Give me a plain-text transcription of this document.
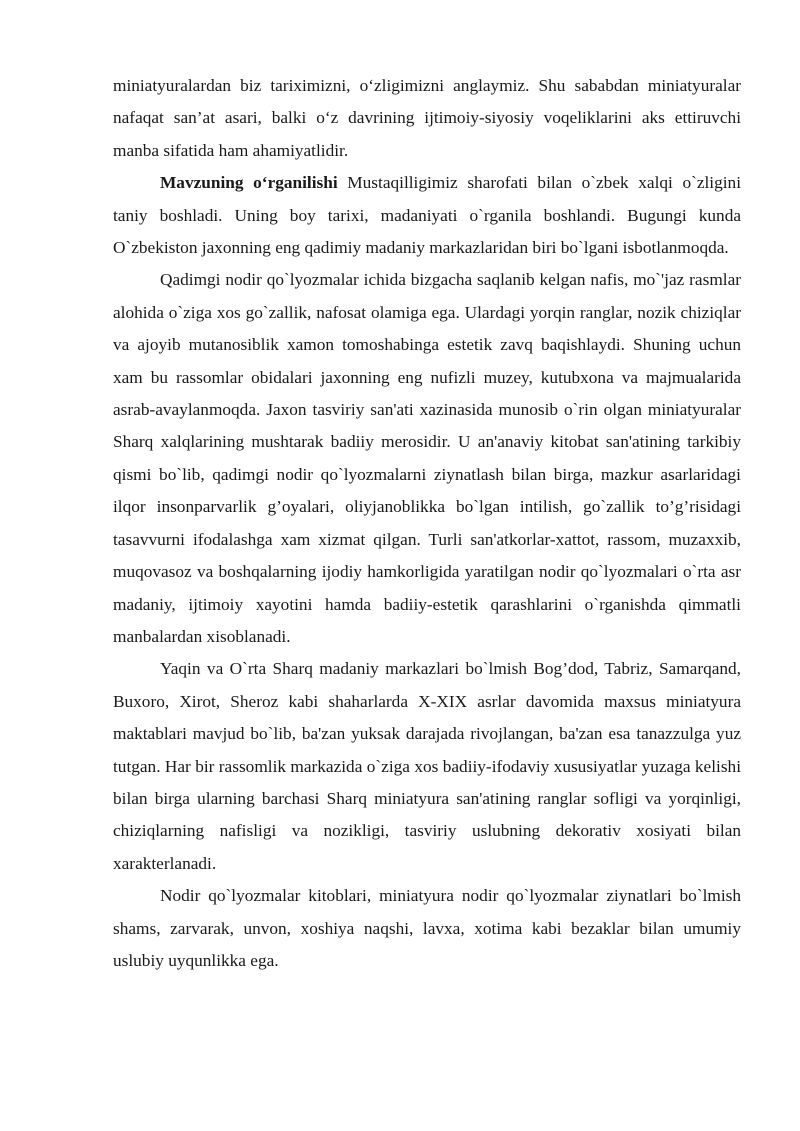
miniatyuralardan biz tariximizni, o‘zligimizni anglaymiz. Shu sababdan miniatyuralar nafaqat san’at asari, balki o‘z davrining ijtimoiy-siyosiy voqeliklarini aks ettiruvchi manba sifatida ham ahamiyatlidir.

Mavzuning o‘rganilishi Mustaqilligimiz sharofati bilan o`zbek xalqi o`zligini taniy boshladi. Uning boy tarixi, madaniyati o`rganila boshlandi. Bugungi kunda O`zbekiston jaxonning eng qadimiy madaniy markazlaridan biri bo`lgani isbotlanmoqda.

Qadimgi nodir qo`lyozmalar ichida bizgacha saqlanib kelgan nafis, mo`'jaz rasmlar alohida o`ziga xos go`zallik, nafosat olamiga ega. Ulardagi yorqin ranglar, nozik chiziqlar va ajoyib mutanosiblik xamon tomoshabinga estetik zavq baqishlaydi. Shuning uchun xam bu rassomlar obidalari jaxonning eng nufizli muzey, kutubxona va majmualarida asrab-avaylanmoqda. Jaxon tasviriy san'ati xazinasida munosib o`rin olgan miniatyuralar Sharq xalqlarining mushtarak badiiy merosidir. U an'anaviy kitobat san'atining tarkibiy qismi bo`lib, qadimgi nodir qo`lyozmalarni ziynatlash bilan birga, mazkur asarlaridagi ilqor insonparvarlik g’oyalari, oliyjanoblikka bo`lgan intilish, go`zallik to’g’risidagi tasavvurni ifodalashga xam xizmat qilgan. Turli san'atkorlar-xattot, rassom, muzaxxib, muqovasoz va boshqalarning ijodiy hamkorligida yaratilgan nodir qo`lyozmalari o`rta asr madaniy, ijtimoiy xayotini hamda badiiy-estetik qarashlarini o`rganishda qimmatli manbalardan xisoblanadi.

Yaqin va O`rta Sharq madaniy markazlari bo`lmish Bog’dod, Tabriz, Samarqand, Buxoro, Xirot, Sheroz kabi shaharlarda X-XIX asrlar davomida maxsus miniatyura maktablari mavjud bo`lib, ba'zan yuksak darajada rivojlangan, ba'zan esa tanazzulga yuz tutgan. Har bir rassomlik markazida o`ziga xos badiiy-ifodaviy xususiyatlar yuzaga kelishi bilan birga ularning barchasi Sharq miniatyura san'atining ranglar sofligi va yorqinligi, chiziqlarning nafisligi va nozikligi, tasviriy uslubning dekorativ xosiyati bilan xarakterlanadi.

Nodir qo`lyozmalar kitoblari, miniatyura nodir qo`lyozmalar ziynatlari bo`lmish shams, zarvarak, unvon, xoshiya naqshi, lavxa, xotima kabi bezaklar bilan umumiy uslubiy uyqunlikka ega.
